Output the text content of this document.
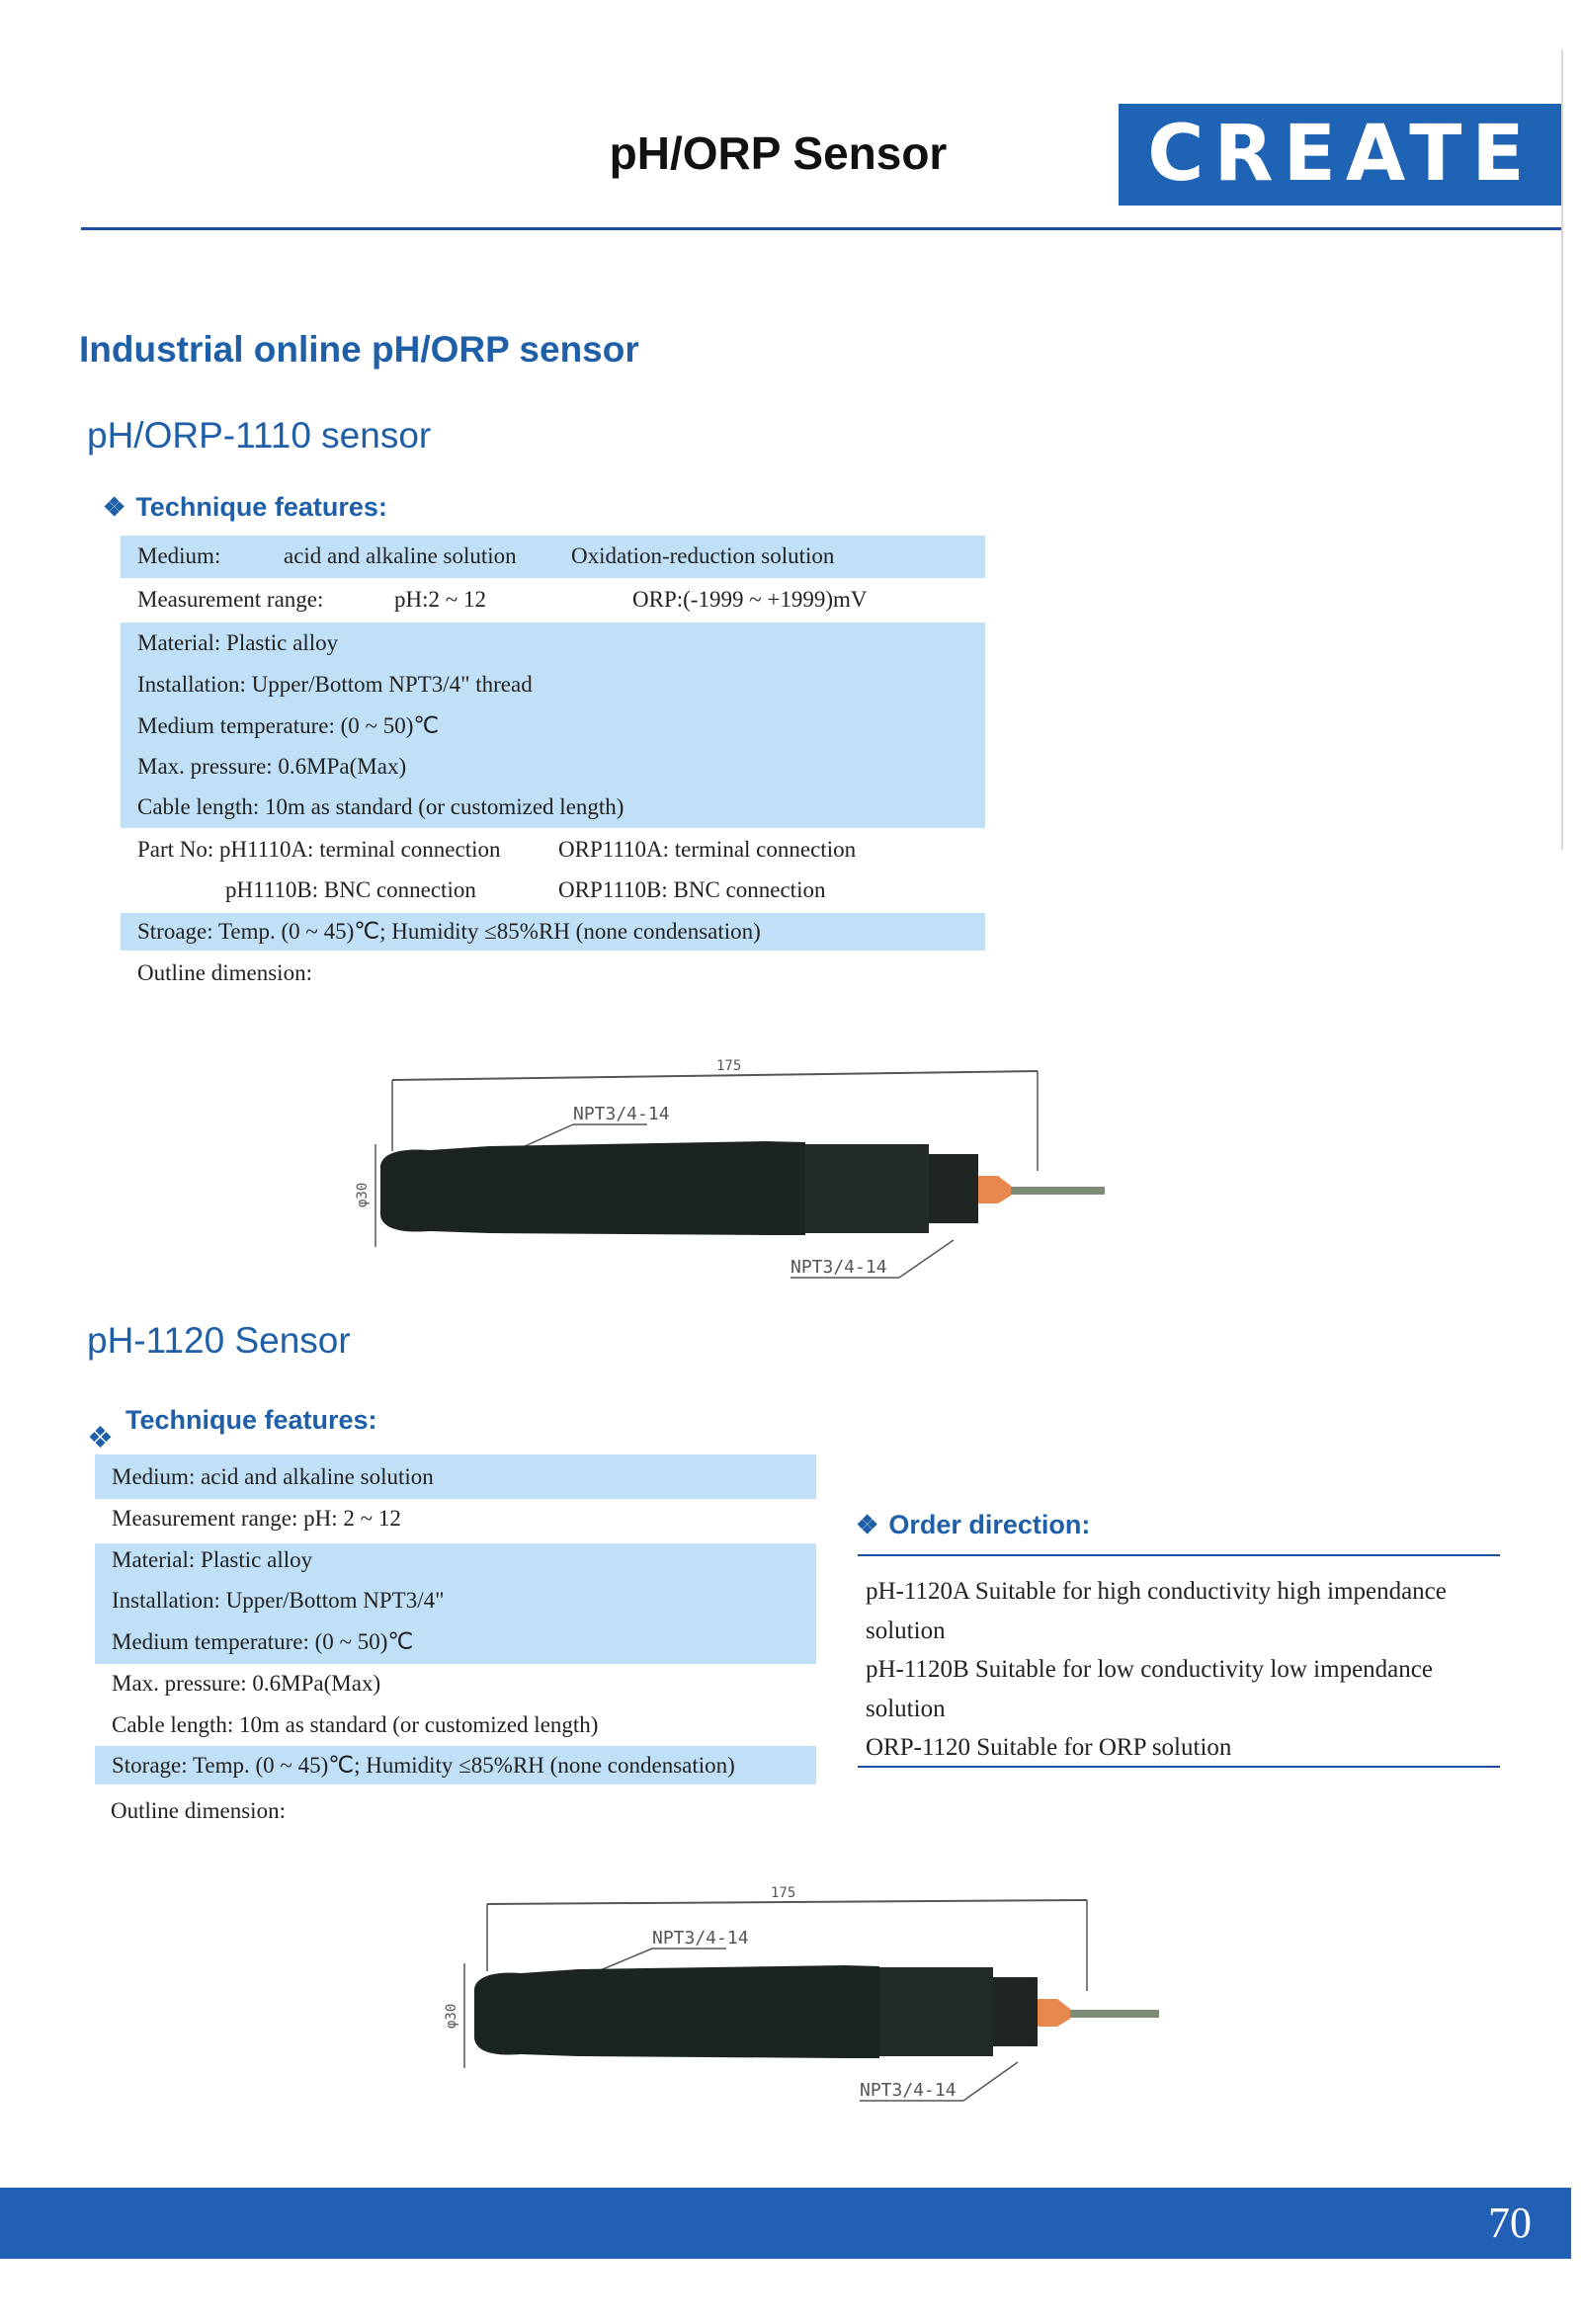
pH/ORP Sensor	CREATE
Industrial online pH/ORP sensor
pH/ORP-1110 sensor
❖ Technique features:
Medium:	acid and alkaline solution Oxidation-reduction solution
Measurement range:	pH:2 ~ 12	ORP:(-1999 ~ +1999)mV
Material: Plastic alloy
Installation: Upper/Bottom NPT3/4" thread
Medium temperature: (0 ~ 50)℃
Max. pressure: 0.6MPa(Max)
Cable length: 10m as standard (or customized length)
Part No: pH1110A: terminal connection	ORP1110A: terminal connection
pH1110B: BNC connection	ORP1110B: BNC connection
Stroage: Temp. (0 ~ 45)℃; Humidity ≤85%RH (none condensation)
Outline dimension:
175
φ30
NPT3/4-14
NPT3/4-14
pH-1120 Sensor
❖
Technique features:
Medium: acid and alkaline solution
Measurement range: pH: 2 ~ 12
Material: Plastic alloy
Installation: Upper/Bottom NPT3/4"
Medium temperature: (0 ~ 50)℃
Max. pressure: 0.6MPa(Max)
Cable length: 10m as standard (or customized length)
Storage: Temp. (0 ~ 45)℃; Humidity ≤85%RH (none condensation)
Outline dimension:
❖ Order direction:
pH-1120A Suitable for high conductivity high impendance
solution
pH-1120B Suitable for low conductivity low impendance
solution
ORP-1120 Suitable for ORP solution
175
φ30
NPT3/4-14
NPT3/4-14
70
